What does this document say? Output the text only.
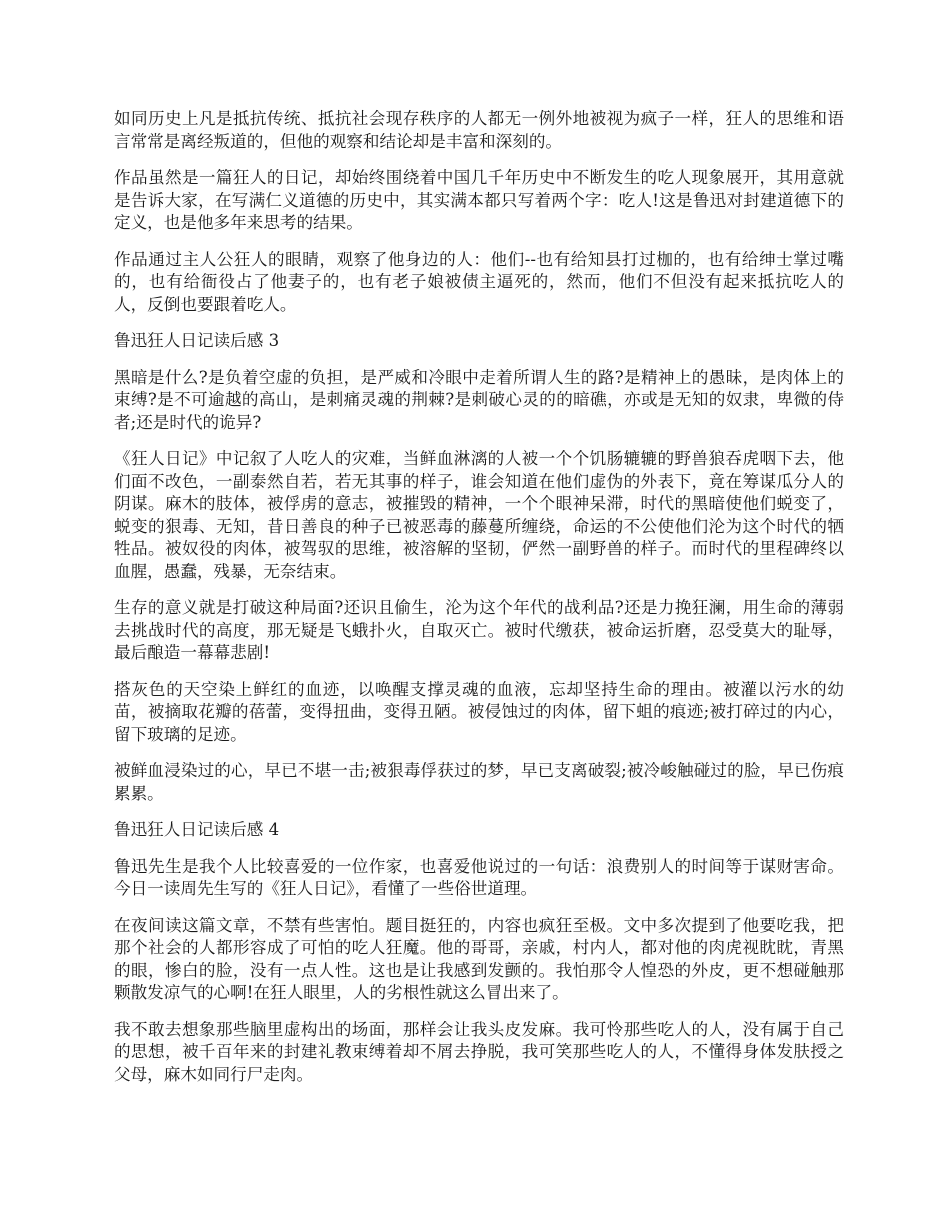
如同历史上凡是抵抗传统、抵抗社会现存秩序的人都无一例外地被视为疯子一样，狂人的思维和语言常常是离经叛道的，但他的观察和结论却是丰富和深刻的。

作品虽然是一篇狂人的日记，却始终围绕着中国几千年历史中不断发生的吃人现象展开，其用意就是告诉大家，在写满仁义道德的历史中，其实满本都只写着两个字：吃人!这是鲁迅对封建道德下的定义，也是他多年来思考的结果。

作品通过主人公狂人的眼睛，观察了他身边的人：他们--也有给知县打过枷的，也有给绅士掌过嘴的，也有给衙役占了他妻子的，也有老子娘被债主逼死的，然而，他们不但没有起来抵抗吃人的人，反倒也要跟着吃人。

鲁迅狂人日记读后感 3

黑暗是什么?是负着空虚的负担，是严威和冷眼中走着所谓人生的路?是精神上的愚昧，是肉体上的束缚?是不可逾越的高山，是刺痛灵魂的荆棘?是刺破心灵的的暗礁，亦或是无知的奴隶，卑微的侍者;还是时代的诡异?

《狂人日记》中记叙了人吃人的灾难，当鲜血淋漓的人被一个个饥肠辘辘的野兽狼吞虎咽下去，他们面不改色，一副泰然自若，若无其事的样子，谁会知道在他们虚伪的外表下，竟在筹谋瓜分人的阴谋。麻木的肢体，被俘虏的意志，被摧毁的精神，一个个眼神呆滞，时代的黑暗使他们蜕变了，蜕变的狠毒、无知，昔日善良的种子已被恶毒的藤蔓所缠绕，命运的不公使他们沦为这个时代的牺牲品。被奴役的肉体，被驾驭的思维，被溶解的坚韧，俨然一副野兽的样子。而时代的里程碑终以血腥，愚蠢，残暴，无奈结束。

生存的意义就是打破这种局面?还识且偷生，沦为这个年代的战利品?还是力挽狂澜，用生命的薄弱去挑战时代的高度，那无疑是飞蛾扑火，自取灭亡。被时代缴获，被命运折磨，忍受莫大的耻辱，最后酿造一幕幕悲剧!

搭灰色的天空染上鲜红的血迹，以唤醒支撑灵魂的血液，忘却坚持生命的理由。被灌以污水的幼苗，被摘取花瓣的蓓蕾，变得扭曲，变得丑陋。被侵蚀过的肉体，留下蛆的痕迹;被打碎过的内心，留下玻璃的足迹。

被鲜血浸染过的心，早已不堪一击;被狠毒俘获过的梦，早已支离破裂;被冷峻触碰过的脸，早已伤痕累累。

鲁迅狂人日记读后感 4

鲁迅先生是我个人比较喜爱的一位作家，也喜爱他说过的一句话：浪费别人的时间等于谋财害命。今日一读周先生写的《狂人日记》，看懂了一些俗世道理。

在夜间读这篇文章，不禁有些害怕。题目挺狂的，内容也疯狂至极。文中多次提到了他要吃我，把那个社会的人都形容成了可怕的吃人狂魔。他的哥哥，亲戚，村内人，都对他的肉虎视眈眈，青黑的眼，惨白的脸，没有一点人性。这也是让我感到发颤的。我怕那令人惶恐的外皮，更不想碰触那颗散发凉气的心啊!在狂人眼里，人的劣根性就这么冒出来了。

我不敢去想象那些脑里虚构出的场面，那样会让我头皮发麻。我可怜那些吃人的人，没有属于自己的思想，被千百年来的封建礼教束缚着却不屑去挣脱，我可笑那些吃人的人，不懂得身体发肤授之父母，麻木如同行尸走肉。
